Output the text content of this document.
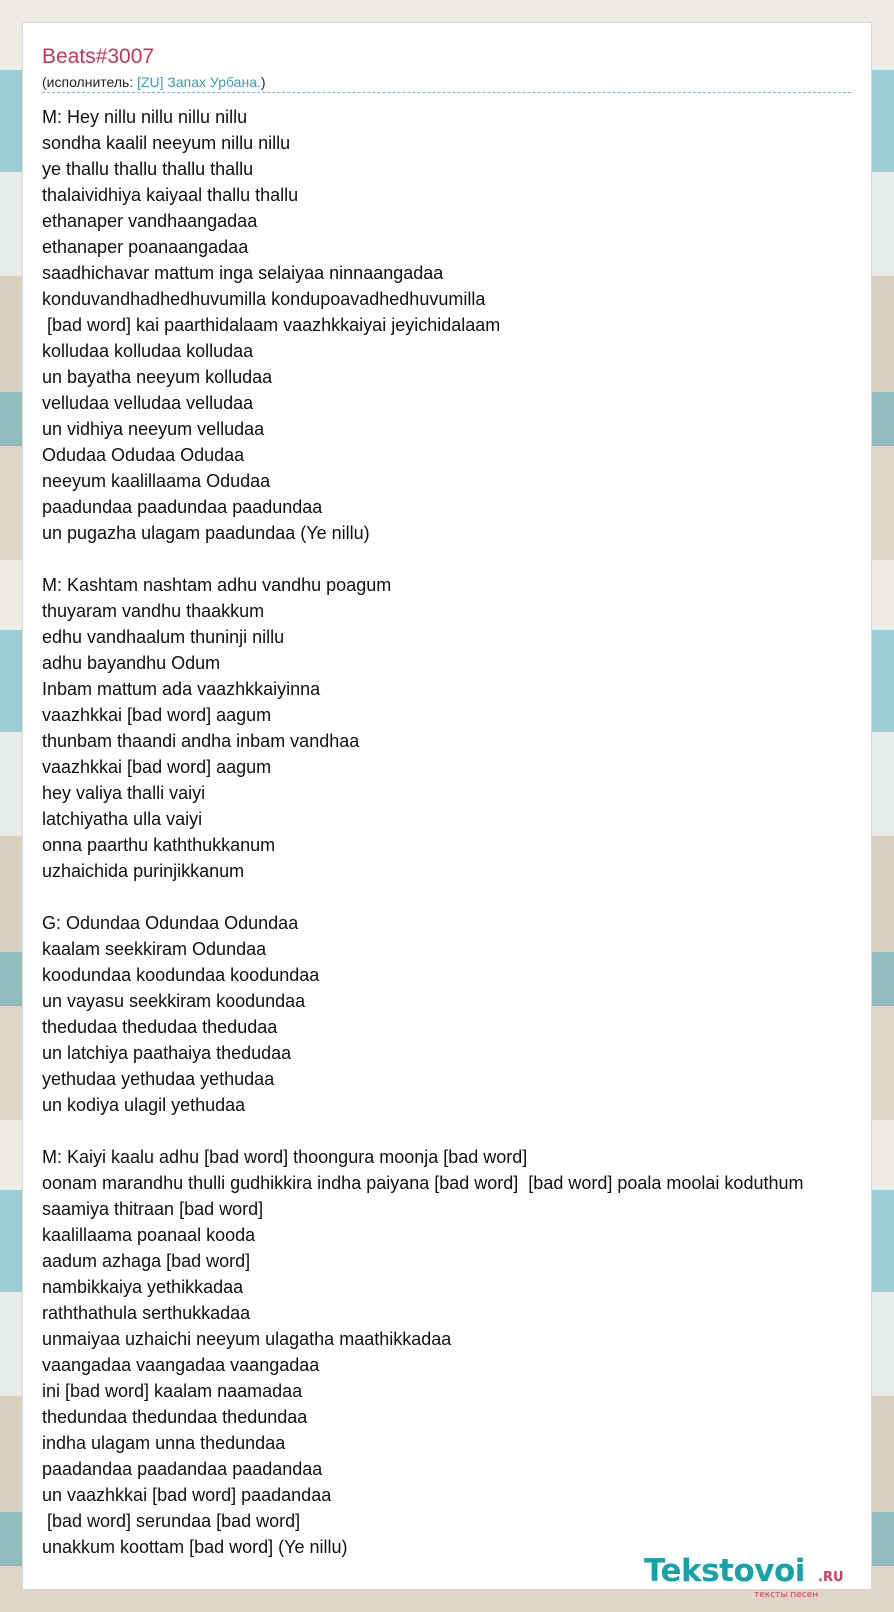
Beats#3007
(исполнитель: [ZU] Запах Урбана.)
M: Hey nillu nillu nillu nillu
sondha kaalil neeyum nillu nillu
ye thallu thallu thallu thallu
thalaividhiya kaiyaal thallu thallu
ethanaper vandhaangadaa
ethanaper poanaangadaa
saadhichavar mattum inga selaiyaa ninnaangadaa
konduvandhadhedhuvumilla kondupoavadhedhuvumilla
[bad word] kai paarthidalaam vaazhkkaiyai jeyichidalaam
kolludaa kolludaa kolludaa
un bayatha neeyum kolludaa
velludaa velludaa velludaa
un vidhiya neeyum velludaa
Odudaa Odudaa Odudaa
neeyum kaalillaama Odudaa
paadundaa paadundaa paadundaa
un pugazha ulagam paadundaa (Ye nillu)
M: Kashtam nashtam adhu vandhu poagum
thuyaram vandhu thaakkum
edhu vandhaalum thuninji nillu
adhu bayandhu Odum
Inbam mattum ada vaazhkkaiyinna
vaazhkkai [bad word] aagum
thunbam thaandi andha inbam vandhaa
vaazhkkai [bad word] aagum
hey valiya thalli vaiyi
latchiyatha ulla vaiyi
onna paarthu kaththukkanum
uzhaichida purinjikkanum
G: Odundaa Odundaa Odundaa
kaalam seekkiram Odundaa
koodundaa koodundaa koodundaa
un vayasu seekkiram koodundaa
thedudaa thedudaa thedudaa
un latchiya paathaiya thedudaa
yethudaa yethudaa yethudaa
un kodiya ulagil yethudaa
M: Kaiyi kaalu adhu [bad word] thoongura moonja [bad word]
oonam marandhu thulli gudhikkira indha paiyana [bad word]  [bad word] poala moolai koduthum
saamiya thitraan [bad word]
kaalillaama poanaal kooda
aadum azhaga [bad word]
nambikkaiya yethikkadaa
raththathula serthukkadaa
unmaiyaa uzhaichi neeyum ulagatha maathikkadaa
vaangadaa vaangadaa vaangadaa
ini [bad word] kaalam naamadaa
thedundaa thedundaa thedundaa
indha ulagam unna thedundaa
paadandaa paadandaa paadandaa
un vaazhkkai [bad word] paadandaa
[bad word] serundaa [bad word]
unakkum koottam [bad word] (Ye nillu)
Tekstovoi .RU
тексты песен
